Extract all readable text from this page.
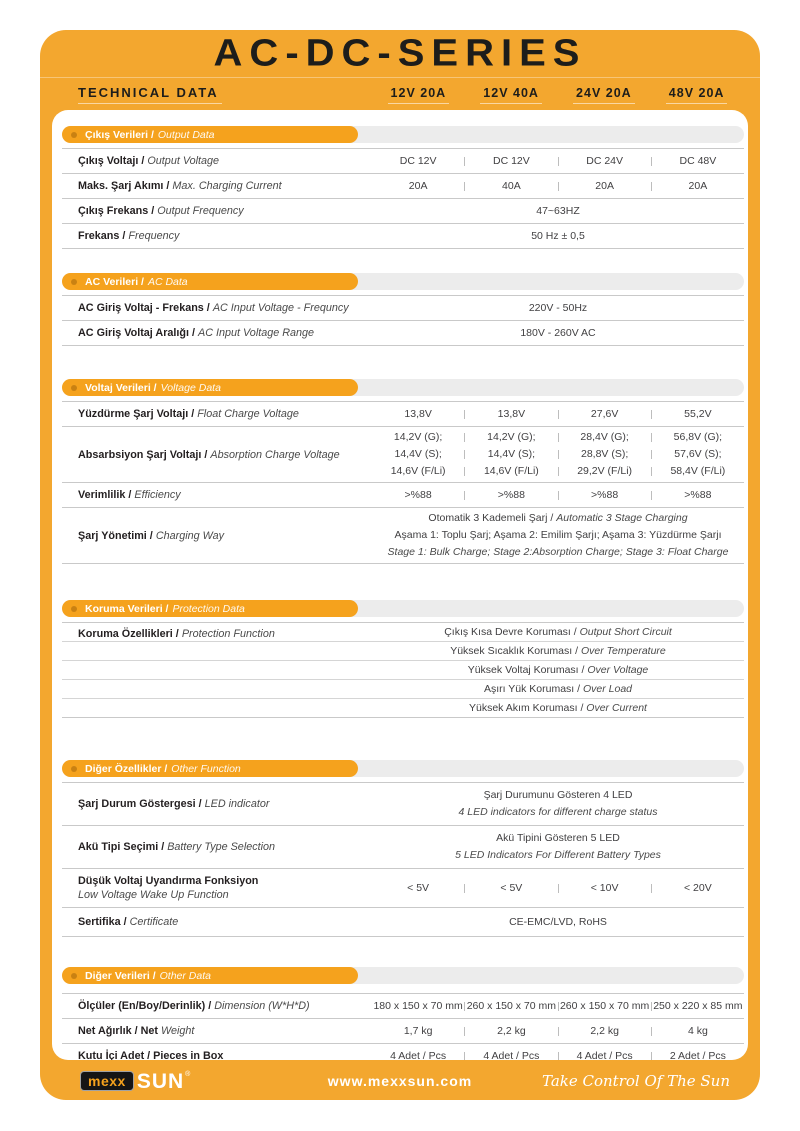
AC-DC-SERIES
TECHNICAL DATA	12V 20A	12V 40A	24V 20A	48V 20A
Çıkış Verileri / Output Data
Çıkış Voltajı / Output Voltage	DC 12V	DC 12V	DC 24V	DC 48V
Maks. Şarj Akımı / Max. Charging Current	20A	40A	20A	20A
Çıkış Frekans / Output Frequency	47~63HZ
Frekans / Frequency	50 Hz ± 0,5
AC Verileri / AC Data
AC Giriş Voltaj - Frekans / AC Input Voltage - Frequncy	220V - 50Hz
AC Giriş Voltaj Aralığı / AC Input Voltage Range	180V - 260V AC
Voltaj Verileri / Voltage Data
Yüzdürme Şarj Voltajı / Float Charge Voltage	13,8V	13,8V	27,6V	55,2V
Absarbsiyon Şarj Voltajı / Absorption Charge Voltage
14,2V (G);	14,2V (G);	28,4V (G);	56,8V (G);
14,4V (S);	14,4V (S);	28,8V (S);	57,6V (S);
14,6V (F/Li)	14,6V (F/Li)	29,2V (F/Li)	58,4V (F/Li)
Verimlilik / Efficiency	>%88	>%88	>%88	>%88
Şarj Yönetimi / Charging Way
Otomatik 3 Kademeli Şarj / Automatic 3 Stage Charging
Aşama 1: Toplu Şarj; Aşama 2: Emilim Şarjı; Aşama 3: Yüzdürme Şarjı
Stage 1: Bulk Charge; Stage 2:Absorption Charge; Stage 3: Float Charge
Koruma Verileri / Protection Data
Koruma Özellikleri / Protection Function	Çıkış Kısa Devre Koruması / Output Short Circuit
Yüksek Sıcaklık Koruması / Over Temperature
Yüksek Voltaj Koruması / Over Voltage
Aşırı Yük Koruması / Over Load
Yüksek Akım Koruması / Over Current
Diğer Özellikler / Other Function
Şarj Durum Göstergesi / LED indicator
Şarj Durumunu Gösteren 4 LED
4 LED indicators for different charge status
Akü Tipi Seçimi / Battery Type Selection
Akü Tipini Gösteren 5 LED
5 LED Indicators For Different Battery Types
Düşük Voltaj Uyandırma Fonksiyon
Low Voltage Wake Up Function
< 5V	< 5V	< 10V	< 20V
Sertifika / Certificate	CE-EMC/LVD, RoHS
Diğer Verileri / Other Data
Ölçüler (En/Boy/Derinlik) / Dimension (W*H*D)	180 x 150 x 70 mm 260 x 150 x 70 mm 260 x 150 x 70 mm 250 x 220 x 85 mm
Net Ağırlık / Net Weight	1,7 kg	2,2 kg	2,2 kg	4 kg
Kutu İçi Adet / Pieces in Box	4 Adet / Pcs	4 Adet / Pcs	4 Adet / Pcs	2 Adet / Pcs
mexx SUN ®	www.mexxsun.com	Take Control Of The Sun
